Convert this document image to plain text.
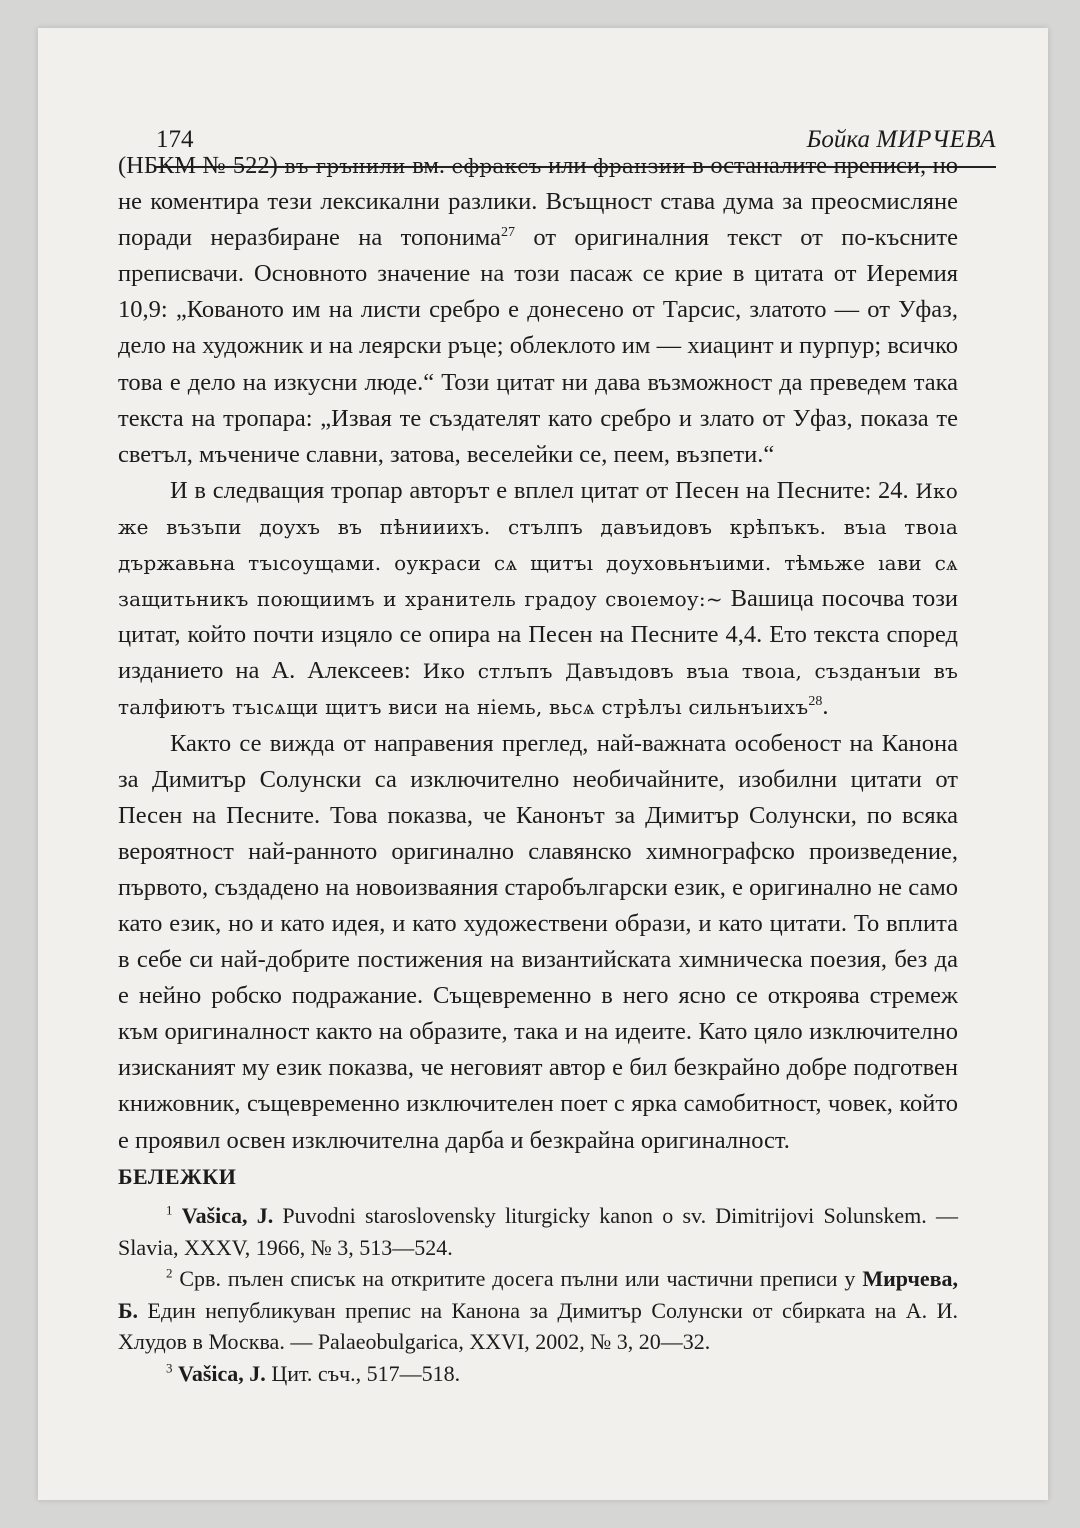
174	Бойка МИРЧЕВА

(НБКМ № 522) въ грънили вм. ефраксъ или франзии в останалите преписи, но не коментира тези лексикални разлики. Всъщност става дума за преосмисляне поради неразбиране на топонима$^{27}$ от оригиналния текст от по-късните преписвачи. Основното значение на този пасаж се крие в цитата от Иеремия 10,9: „Кованото им на листи сребро е донесено от Тарсис, златото — от Уфаз, дело на художник и на леярски ръце; облеклото им — хиацинт и пурпур; всичко това е дело на изкусни люде.“ Този цитат ни дава възможност да преведем така текста на тропара: „Извая те създателят като сребро и злато от Уфаз, показа те светъл, мъчениче славни, затова, веселейки се, пеем, възпети.“

И в следващия тропар авторът е вплел цитат от Песен на Песните: 24. Ико же възъпи доухъ въ пѣнииихъ. стълпъ давъидовъ крѣпъкъ. въıа твоıа държавьна тъıсоущами. оукраси сѧ щитъı доуховьнъıими. тѣмьже ıави сѧ защитьникъ поющиимъ и хранитель градоу своıемоу:~ Вашица посочва този цитат, който почти изцяло се опира на Песен на Песните 4,4. Ето текста според изданието на А. Алексеев: Ико стлъпъ Давъıдовъ въıа твоıа, създанъıи въ талфиютъ тъıсѧщи щитъ виси на ніемь, вьсѧ стрѣлъı сильнъıихъ$^{28}$.

Както се вижда от направения преглед, най-важната особеност на Канона за Димитър Солунски са изключително необичайните, изобилни цитати от Песен на Песните. Това показва, че Канонът за Димитър Солунски, по всяка вероятност най-ранното оригинално славянско химнографско произведение, първото, създадено на новоизваяния старобългарски език, е оригинално не само като език, но и като идея, и като художествени образи, и като цитати. То вплита в себе си най-добрите постижения на византийската химническа поезия, без да е нейно робско подражание. Същевременно в него ясно се откроява стремеж към оригиналност както на образите, така и на идеите. Като цяло изключително изисканият му език показва, че неговият автор е бил безкрайно добре подготвен книжовник, същевременно изключителен поет с ярка самобитност, човек, който е проявил освен изключителна дарба и безкрайна оригиналност.

БЕЛЕЖКИ

$^1$ Vašica, J. Puvodni staroslovensky liturgicky kanon o sv. Dimitrijovi Solunskem. — Slavia, XXXV, 1966, № 3, 513—524.

$^2$ Срв. пълен списък на откритите досега пълни или частични преписи у Мирчева, Б. Един непубликуван препис на Канона за Димитър Солунски от сбирката на А. И. Хлудов в Москва. — Palaeobulgarica, XXVI, 2002, № 3, 20—32.

$^3$ Vašica, J. Цит. съч., 517—518.
